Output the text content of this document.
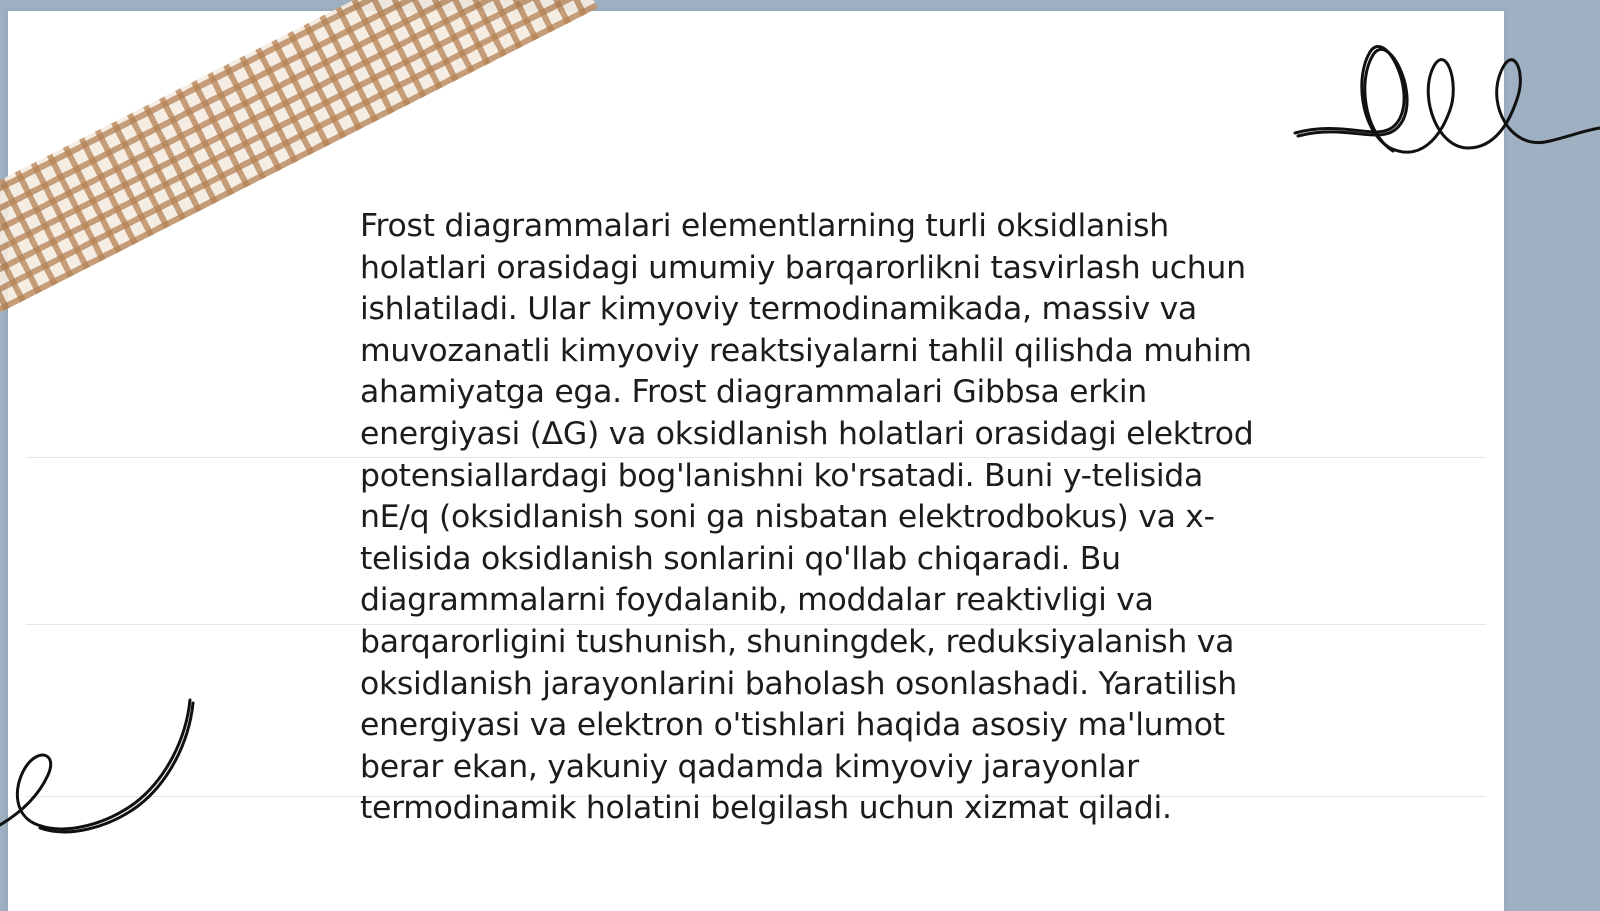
Frost diagrammalari elementlarning turli oksidlanish holatlari orasidagi umumiy barqarorlikni tasvirlash uchun ishlatiladi. Ular kimyoviy termodinamikada, massiv va muvozanatli kimyoviy reaktsiyalarni tahlil qilishda muhim ahamiyatga ega. Frost diagrammalari Gibbsa erkin energiyasi (ΔG) va oksidlanish holatlari orasidagi elektrod potensiallardagi bog'lanishni ko'rsatadi. Buni y-telisida nE/q (oksidlanish soni ga nisbatan elektrodbokus) va x-telisida oksidlanish sonlarini qo'llab chiqaradi. Bu diagrammalarni foydalanib, moddalar reaktivligi va barqarorligini tushunish, shuningdek, reduksiyalanish va oksidlanish jarayonlarini baholash osonlashadi. Yaratilish energiyasi va elektron o'tishlari haqida asosiy ma'lumot berar ekan, yakuniy qadamda kimyoviy jarayonlar termodinamik holatini belgilash uchun xizmat qiladi.
